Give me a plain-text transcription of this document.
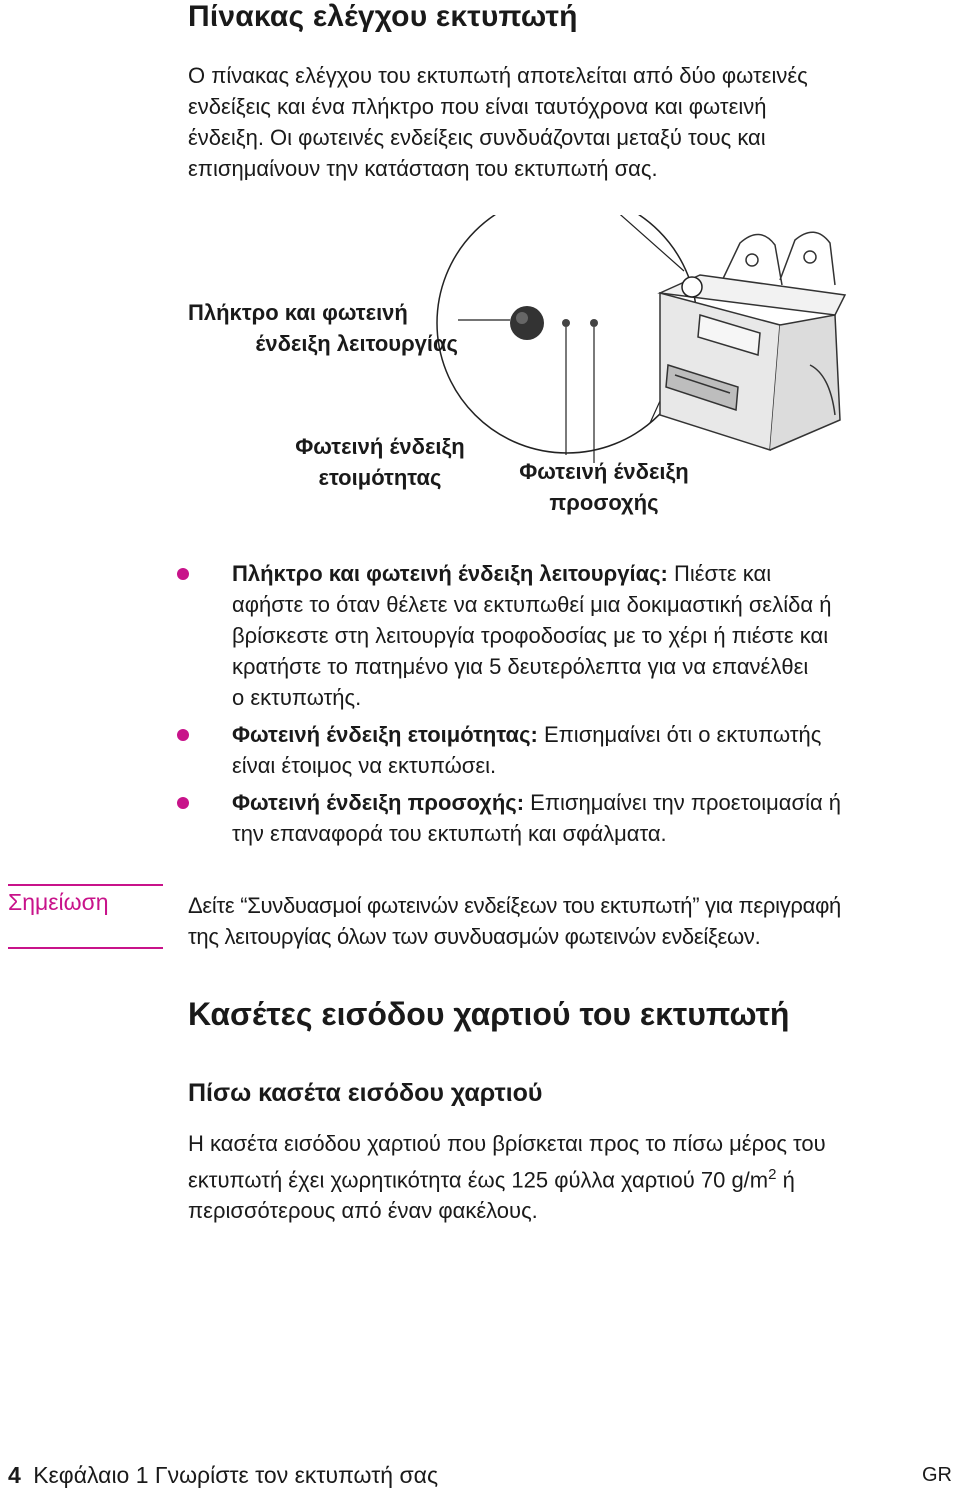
Πίνακας ελέγχου εκτυπωτή
Ο πίνακας ελέγχου του εκτυπωτή αποτελείται από δύο φωτεινές
ενδείξεις και ένα πλήκτρο που είναι ταυτόχρονα και φωτεινή
ένδειξη. Οι φωτεινές ενδείξεις συνδυάζονται μεταξύ τους και
επισημαίνουν την κατάσταση του εκτυπωτή σας.
Πλήκτρο και φωτεινή
ένδειξη λειτουργίας
Φωτεινή ένδειξη
ετοιμότητας	Φωτεινή ένδειξη
προσοχής
Πλήκτρο και φωτεινή ένδειξη λειτουργίας: Πιέστε και
αφήστε το όταν θέλετε να εκτυπωθεί μια δοκιμαστική σελίδα ή
βρίσκεστε στη λειτουργία τροφοδοσίας με το χέρι ή πιέστε και
κρατήστε το πατημένο για 5 δευτερόλεπτα για να επανέλθει
ο εκτυπωτής.
Φωτεινή ένδειξη ετοιμότητας: Επισημαίνει ότι ο εκτυπωτής
είναι έτοιμος να εκτυπώσει.
Φωτεινή ένδειξη προσοχής: Επισημαίνει την προετοιμασία ή
την επαναφορά του εκτυπωτή και σφάλματα.
Σημείωση	Δείτε “Συνδυασμοί φωτεινών ενδείξεων του εκτυπωτή” για περιγραφή
της λειτουργίας όλων των συνδυασμών φωτεινών ενδείξεων.
Κασέτες εισόδου χαρτιού του εκτυπωτή
Πίσω κασέτα εισόδου χαρτιού
Η κασέτα εισόδου χαρτιού που βρίσκεται προς το πίσω μέρος του
εκτυπωτή έχει χωρητικότητα έως 125 φύλλα χαρτιού 70 $g/m^2$ ή
περισσότερους από έναν φακέλους.
4 Κεφάλαιο 1 Γνωρίστε τον εκτυπωτή σας	GR
